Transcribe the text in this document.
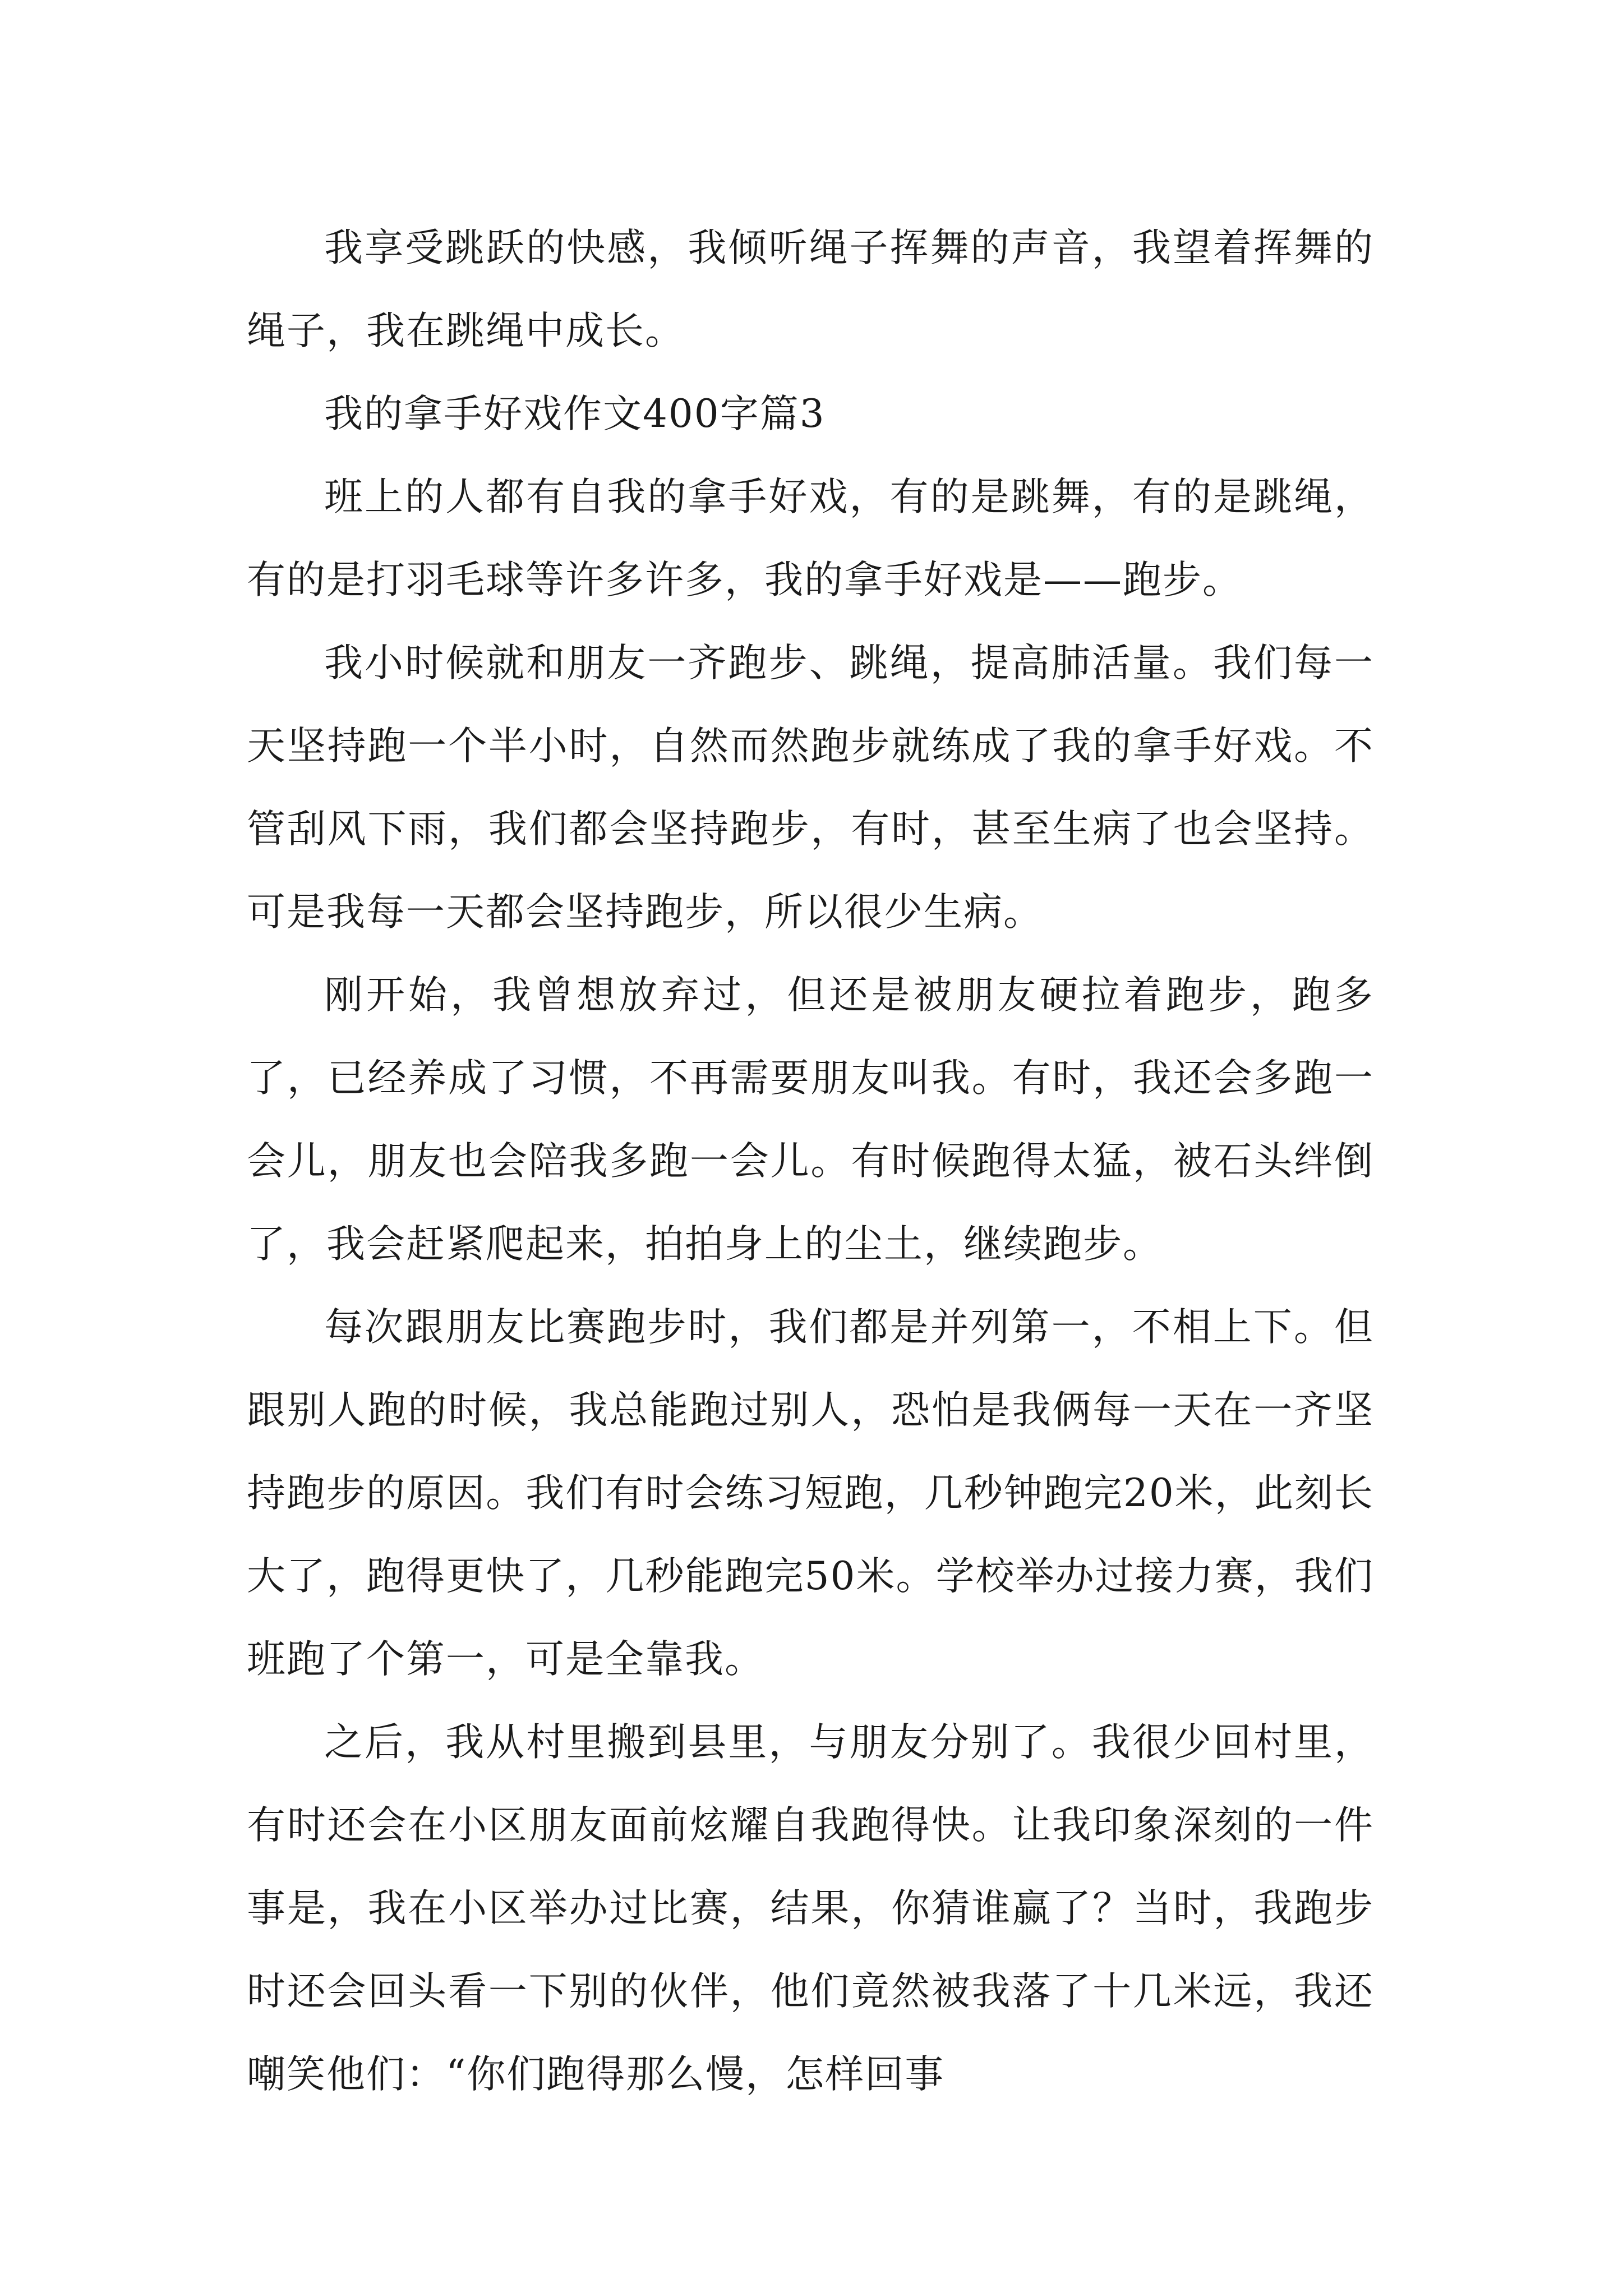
我享受跳跃的快感，我倾听绳子挥舞的声音，我望着挥舞的绳子，我在跳绳中成长。

我的拿手好戏作文400字篇3

班上的人都有自我的拿手好戏，有的是跳舞，有的是跳绳，有的是打羽毛球等许多许多，我的拿手好戏是——跑步。

我小时候就和朋友一齐跑步、跳绳，提高肺活量。我们每一天坚持跑一个半小时，自然而然跑步就练成了我的拿手好戏。不管刮风下雨，我们都会坚持跑步，有时，甚至生病了也会坚持。可是我每一天都会坚持跑步，所以很少生病。

刚开始，我曾想放弃过，但还是被朋友硬拉着跑步，跑多了，已经养成了习惯，不再需要朋友叫我。有时，我还会多跑一会儿，朋友也会陪我多跑一会儿。有时候跑得太猛，被石头绊倒了，我会赶紧爬起来，拍拍身上的尘土，继续跑步。

每次跟朋友比赛跑步时，我们都是并列第一，不相上下。但跟别人跑的时候，我总能跑过别人，恐怕是我俩每一天在一齐坚持跑步的原因。我们有时会练习短跑，几秒钟跑完20米，此刻长大了，跑得更快了，几秒能跑完50米。学校举办过接力赛，我们班跑了个第一，可是全靠我。

之后，我从村里搬到县里，与朋友分别了。我很少回村里，有时还会在小区朋友面前炫耀自我跑得快。让我印象深刻的一件事是，我在小区举办过比赛，结果，你猜谁赢了？当时，我跑步时还会回头看一下别的伙伴，他们竟然被我落了十几米远，我还嘲笑他们：“你们跑得那么慢，怎样回事
